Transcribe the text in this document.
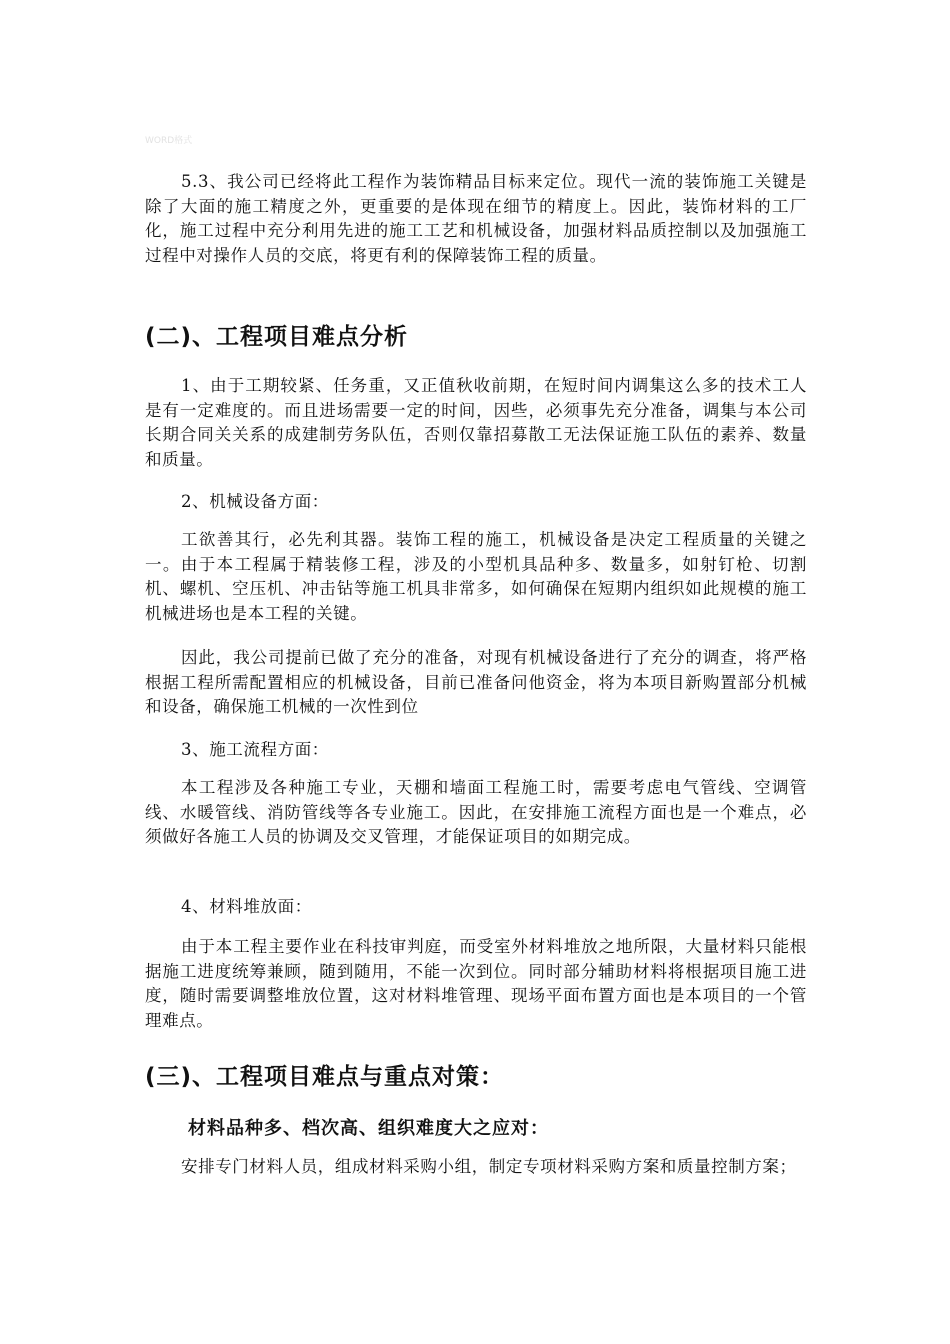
WORD格式

5.3、我公司已经将此工程作为装饰精品目标来定位。现代一流的装饰施工关键是除了大面的施工精度之外，更重要的是体现在细节的精度上。因此，装饰材料的工厂化，施工过程中充分利用先进的施工工艺和机械设备，加强材料品质控制以及加强施工过程中对操作人员的交底，将更有利的保障装饰工程的质量。

(二)、工程项目难点分析

1、由于工期较紧、任务重，又正值秋收前期，在短时间内调集这么多的技术工人是有一定难度的。而且进场需要一定的时间，因些，必须事先充分准备，调集与本公司长期合同关关系的成建制劳务队伍，否则仅靠招募散工无法保证施工队伍的素养、数量和质量。

2、机械设备方面：

工欲善其行，必先利其器。装饰工程的施工，机械设备是决定工程质量的关键之一。由于本工程属于精装修工程，涉及的小型机具品种多、数量多，如射钉枪、切割机、螺机、空压机、冲击钻等施工机具非常多，如何确保在短期内组织如此规模的施工机械进场也是本工程的关键。

因此，我公司提前已做了充分的准备，对现有机械设备进行了充分的调查，将严格根据工程所需配置相应的机械设备，目前已准备问他资金，将为本项目新购置部分机械和设备，确保施工机械的一次性到位

3、施工流程方面：

本工程涉及各种施工专业，天棚和墙面工程施工时，需要考虑电气管线、空调管线、水暖管线、消防管线等各专业施工。因此，在安排施工流程方面也是一个难点，必须做好各施工人员的协调及交叉管理，才能保证项目的如期完成。

4、材料堆放面：

由于本工程主要作业在科技审判庭，而受室外材料堆放之地所限，大量材料只能根据施工进度统筹兼顾，随到随用，不能一次到位。同时部分辅助材料将根据项目施工进度，随时需要调整堆放位置，这对材料堆管理、现场平面布置方面也是本项目的一个管理难点。

(三)、工程项目难点与重点对策：
材料品种多、档次高、组织难度大之应对：

安排专门材料人员，组成材料采购小组，制定专项材料采购方案和质量控制方案；
